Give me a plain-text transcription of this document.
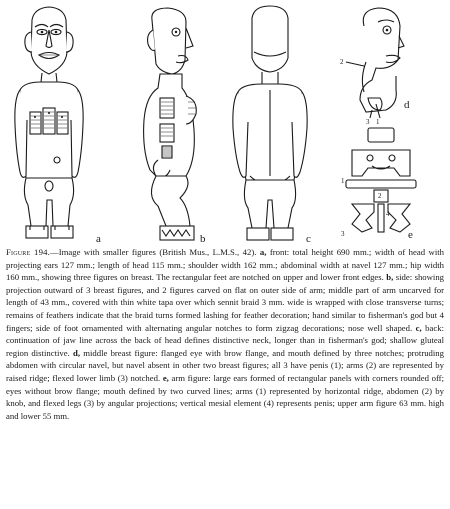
2
1
3
1
2
3
4
a	b	c
d
e
Figure 194.—Image with smaller figures (British Mus., L.M.S., 42). a, front: total height 690 mm.; width of head with projecting ears 127 mm.; length of head 115 mm.; shoulder width 162 mm.; abdominal width at navel 127 mm.; hip width 160 mm., showing three figures on breast. The rectangular feet are notched on upper and lower front edges. b, side: showing projection outward of 3 breast figures, and 2 figures carved on flat on outer side of arm; middle part of arm uncarved for length of 43 mm., covered with thin white tapa over which sennit braid 3 mm. wide is wrapped with close transverse turns; remains of feathers indicate that the braid turns formed lashing for feather decoration; hand similar to fisherman's god but 4 fingers; side of foot ornamented with alternating angular notches to form zigzag decorations; nose well shaped. c, back: continuation of jaw line across the back of head defines distinctive neck, longer than in fisherman's god; shallow gluteal region distinctive. d, middle breast figure: flanged eye with brow flange, and mouth defined by three notches; protruding abdomen with circular navel, but navel absent in other two breast figures; all 3 have penis (1); arms (2) are represented by raised ridge; flexed lower limb (3) notched. e, arm figure: large ears formed of rectangular panels with corners rounded off; eyes without brow flange; mouth defined by two curved lines; arms (1) represented by horizontal ridge, abdomen (2) by knob, and flexed legs (3) by angular projections; vertical mesial element (4) represents penis; upper arm figure 63 mm. high and lower 55 mm.
